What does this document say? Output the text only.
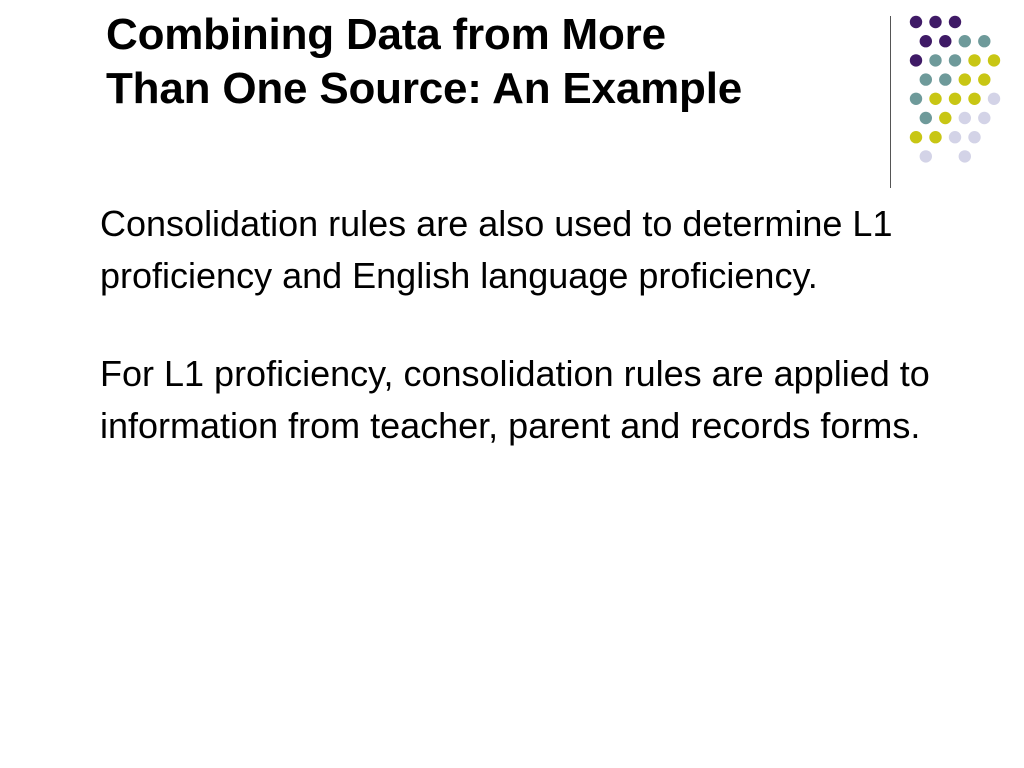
Combining Data from More
Than One Source: An Example

Consolidation rules are also used to determine L1 proficiency and English language proficiency.

For L1 proficiency, consolidation rules are applied to information from teacher, parent and records forms.
